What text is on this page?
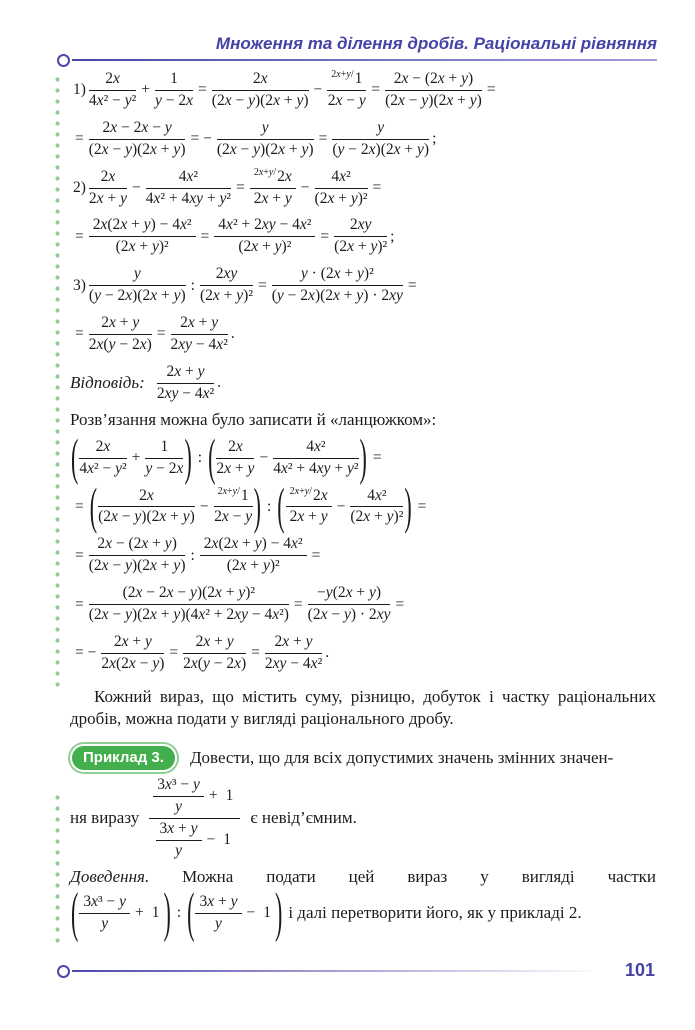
Множення та ділення дробів. Раціональні рівняння
$1) \frac{2x}{\text{4x² − y²}} + \frac{1}{y - 2x} = \frac{2x}{(2x - y)(2x + y)} - \frac{^{2x+y/}1}{2x - y} = \frac{2x - (2x + y)}{(2x - y)(2x + y)}$ =
= $\frac{2x - 2x - y}{(2x - y)(2x + y)}$ = − $\frac{y}{(2x - y)(2x + y)} = \frac{y}{(y - 2x)(2x + y)}$ ;
$2) \frac{2x}{2x + y} - \frac{\text{4x²}}{\text{4x² + 4xy + y²}} = \frac{^{2x+y/}2x}{2x + y} - \frac{\text{4x²}}{\text{(2x + y)²}}$ =
= $\frac{\text{2x(2x + y) − 4x²}}{\text{(2x + y)²}} = \frac{\text{4x² + 2xy − 4x²}}{\text{(2x + y)²}} = \frac{2xy}{\text{(2x + y)²}}$ ;
$3) \frac{y}{(y - 2x)(2x + y)}$ : $\frac{2xy}{\text{(2x + y)²}} = \frac{\text{y · (2x + y)²}}{(y - 2x)(2x + y) \cdot 2xy}$ =
= $\frac{2x + y}{2x(y - 2x)} = \frac{2x + y}{\text{2xy − 4x²}}$ .
Відповідь: $\frac{2x + y}{\text{2xy − 4x²}}$ .
Розв’язання можна було записати й «ланцюжком»:
( $\frac{2x}{\text{4x² − y²}} + \frac{1}{y - 2x}$ ) : ( $\frac{2x}{2x + y} - \frac{\text{4x²}}{\text{4x² + 4xy + y²}}$ ) =
= ( $\frac{2x}{(2x - y)(2x + y)} - \frac{^{2x+y/}1}{2x - y}$ ) : ( $\frac{^{2x+y/}2x}{2x + y} - \frac{\text{4x²}}{\text{(2x + y)²}}$ ) =
= $\frac{2x - (2x + y)}{(2x - y)(2x + y)}$ : $\frac{\text{2x(2x + y) − 4x²}}{\text{(2x + y)²}}$ =
= $\frac{\text{(2x − 2x − y)(2x + y)²}}{\text{(2x − y)(2x + y)(4x² + 2xy − 4x²)}} = \frac{-y(2x + y)}{(2x - y) \cdot 2xy}$ =
= − $\frac{2x + y}{2x(2x - y)} = \frac{2x + y}{2x(y - 2x)} = \frac{2x + y}{\text{2xy − 4x²}}$ .

Кожний вираз, що містить суму, різницю, добуток і частку раціональних дробів, можна подати у вигляді раціонального дробу.

Приклад 3.	Довести, що для всіх допустимих значень змінних значен-
ня виразу $\frac{\frac{\text{3x³ − y}}{y} + 1}{\frac{3x + y}{y} - 1}$ є невід’ємним.
Доведення. Можна подати цей вираз у вигляді частки
( $\frac{\text{3x³ − y}}{y} + 1$ ) : ( $\frac{3x + y}{y} - 1$ ) і далі перетворити його, як у прикладі 2.
101
